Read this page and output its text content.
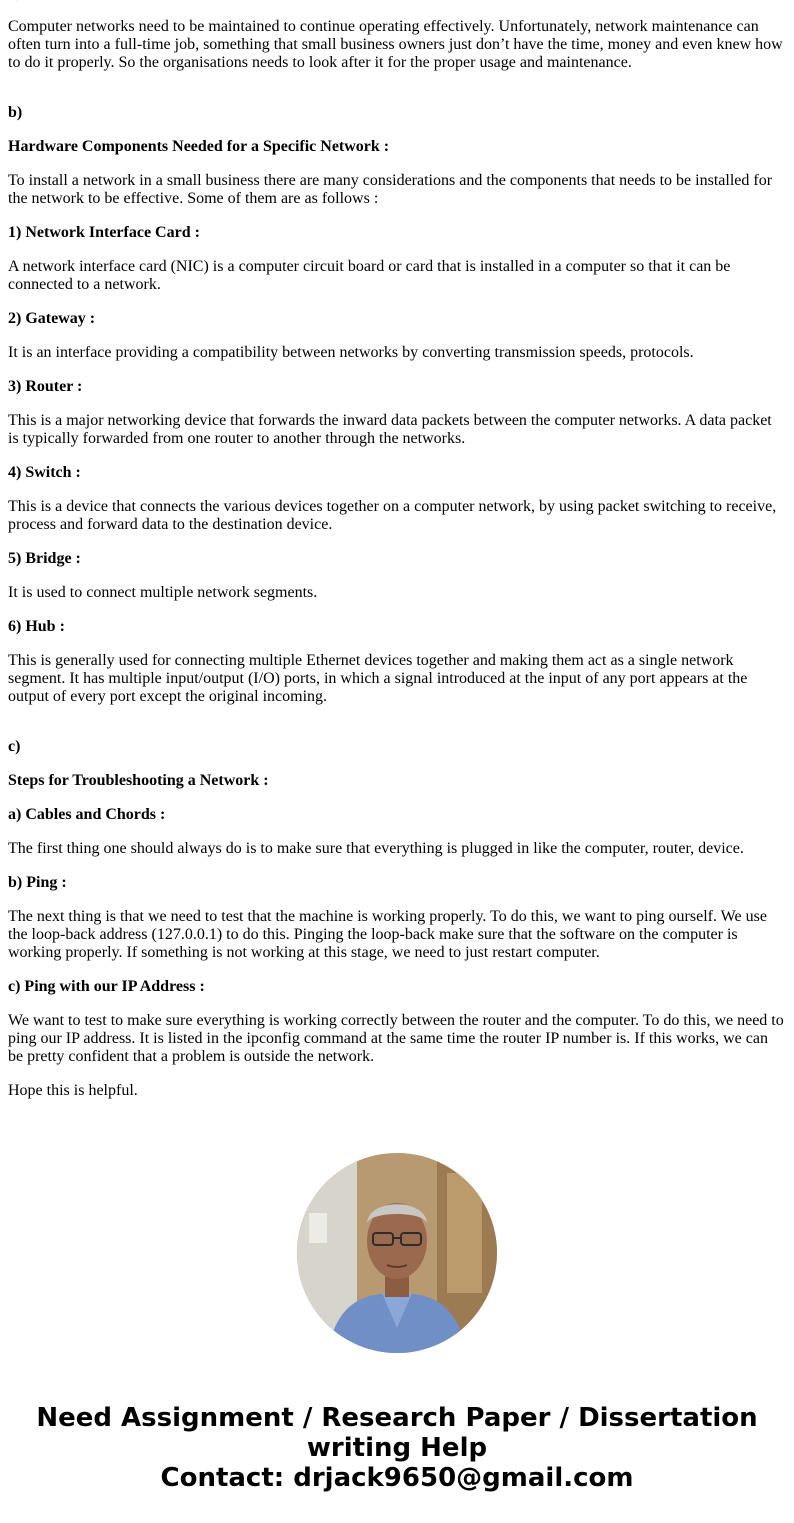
Computer networks need to be maintained to continue operating effectively. Unfortunately, network maintenance can often turn into a full-time job, something that small business owners just don’t have the time, money and even knew how to do it properly. So the organisations needs to look after it for the proper usage and maintenance.

b)

Hardware Components Needed for a Specific Network :

To install a network in a small business there are many considerations and the components that needs to be installed for the network to be effective. Some of them are as follows :

1) Network Interface Card :

A network interface card (NIC) is a computer circuit board or card that is installed in a computer so that it can be connected to a network.

2) Gateway :

It is an interface providing a compatibility between networks by converting transmission speeds, protocols.

3) Router :

This is a major networking device that forwards the inward data packets between the computer networks. A data packet is typically forwarded from one router to another through the networks.

4) Switch :

This is a device that connects the various devices together on a computer network, by using packet switching to receive, process and forward data to the destination device.

5) Bridge :

It is used to connect multiple network segments.

6) Hub :

This is generally used for connecting multiple Ethernet devices together and making them act as a single network segment. It has multiple input/output (I/O) ports, in which a signal introduced at the input of any port appears at the output of every port except the original incoming.

c)

Steps for Troubleshooting a Network :

a) Cables and Chords :

The first thing one should always do is to make sure that everything is plugged in like the computer, router, device.

b) Ping :

The next thing is that we need to test that the machine is working properly. To do this, we want to ping ourself. We use the loop-back address (127.0.0.1) to do this. Pinging the loop-back make sure that the software on the computer is working properly. If something is not working at this stage, we need to just restart computer.

c) Ping with our IP Address :

We want to test to make sure everything is working correctly between the router and the computer. To do this, we need to ping our IP address. It is listed in the ipconfig command at the same time the router IP number is. If this works, we can be pretty confident that a problem is outside the network.

Hope this is helpful.

Need Assignment / Research Paper / Dissertation
writing Help
Contact: drjack9650@gmail.com
